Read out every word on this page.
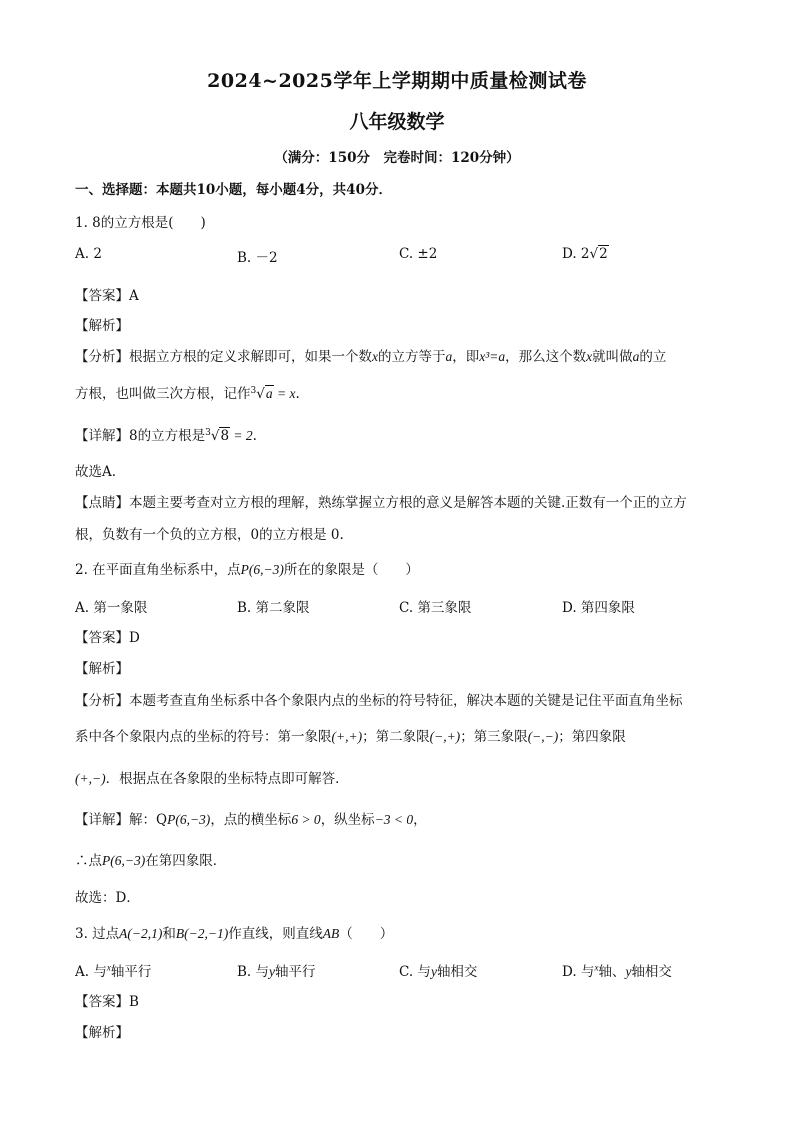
2024~2025学年上学期期中质量检测试卷
八年级数学
（满分：150分　完卷时间：120分钟）
一、选择题：本题共10小题，每小题4分，共40分．
1. 8的立方根是(　　)
A. 2	B. －2	C. ±2	D. 2√2
【答案】A
【解析】
【分析】根据立方根的定义求解即可，如果一个数x的立方等于a，即x³=a，那么这个数x就叫做a的立
方根，也叫做三次方根，记作$^3$√a = x.
【详解】8的立方根是$^3$√8 = 2.
故选A.
【点睛】本题主要考查对立方根的理解，熟练掌握立方根的意义是解答本题的关键.正数有一个正的立方
根，负数有一个负的立方根，0的立方根是 0.
2. 在平面直角坐标系中，点P(6,−3)所在的象限是（　　）
A. 第一象限	B. 第二象限	C. 第三象限	D. 第四象限
【答案】D
【解析】
【分析】本题考查直角坐标系中各个象限内点的坐标的符号特征，解决本题的关键是记住平面直角坐标
系中各个象限内点的坐标的符号：第一象限(+,+)；第二象限(−,+)；第三象限(−,−)；第四象限
(+,−)．根据点在各象限的坐标特点即可解答．
【详解】解：QP(6,−3)，点的横坐标6 > 0，纵坐标−3 < 0，
∴点P(6,−3)在第四象限．
故选：D．
3. 过点A(−2,1)和B(−2,−1)作直线，则直线AB（　　）
A. 与$^x$轴平行	B. 与y轴平行	C. 与y轴相交	D. 与$^x$轴、y轴相交
【答案】B
【解析】
